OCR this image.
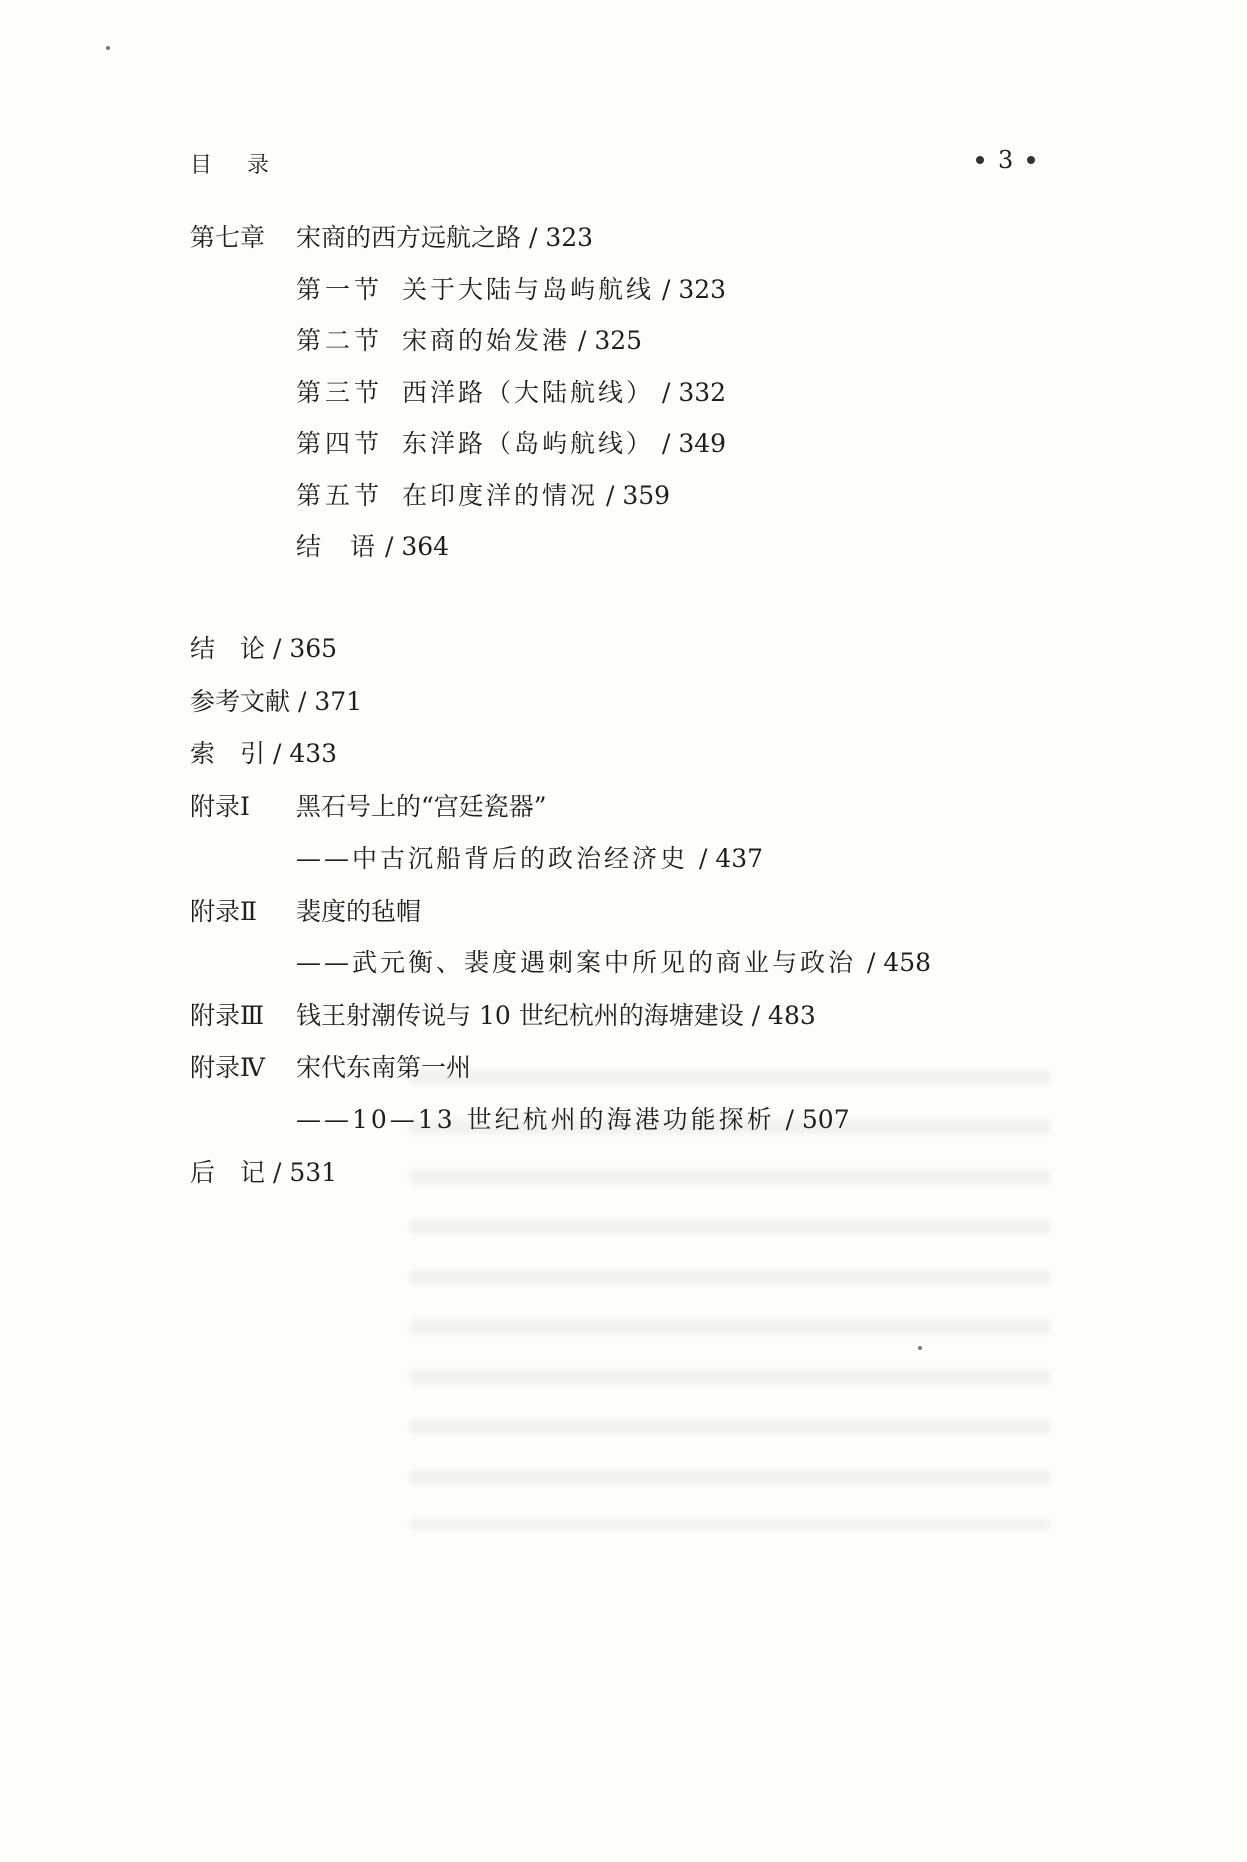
目 录	3
第七章 宋商的西方远航之路 / 323
第一节 关于大陆与岛屿航线 / 323
第二节 宋商的始发港 / 325
第三节 西洋路（大陆航线） / 332
第四节 东洋路（岛屿航线） / 349
第五节 在印度洋的情况 / 359
结　语 / 364
结　论 / 365
参考文献 / 371
索　引 / 433
附录Ⅰ 黑石号上的“宫廷瓷器”
——中古沉船背后的政治经济史 / 437
附录Ⅱ 裴度的毡帽
——武元衡、裴度遇刺案中所见的商业与政治 / 458
附录Ⅲ 钱王射潮传说与 10 世纪杭州的海塘建设 / 483
附录Ⅳ 宋代东南第一州
——10—13 世纪杭州的海港功能探析 / 507
后　记 / 531
